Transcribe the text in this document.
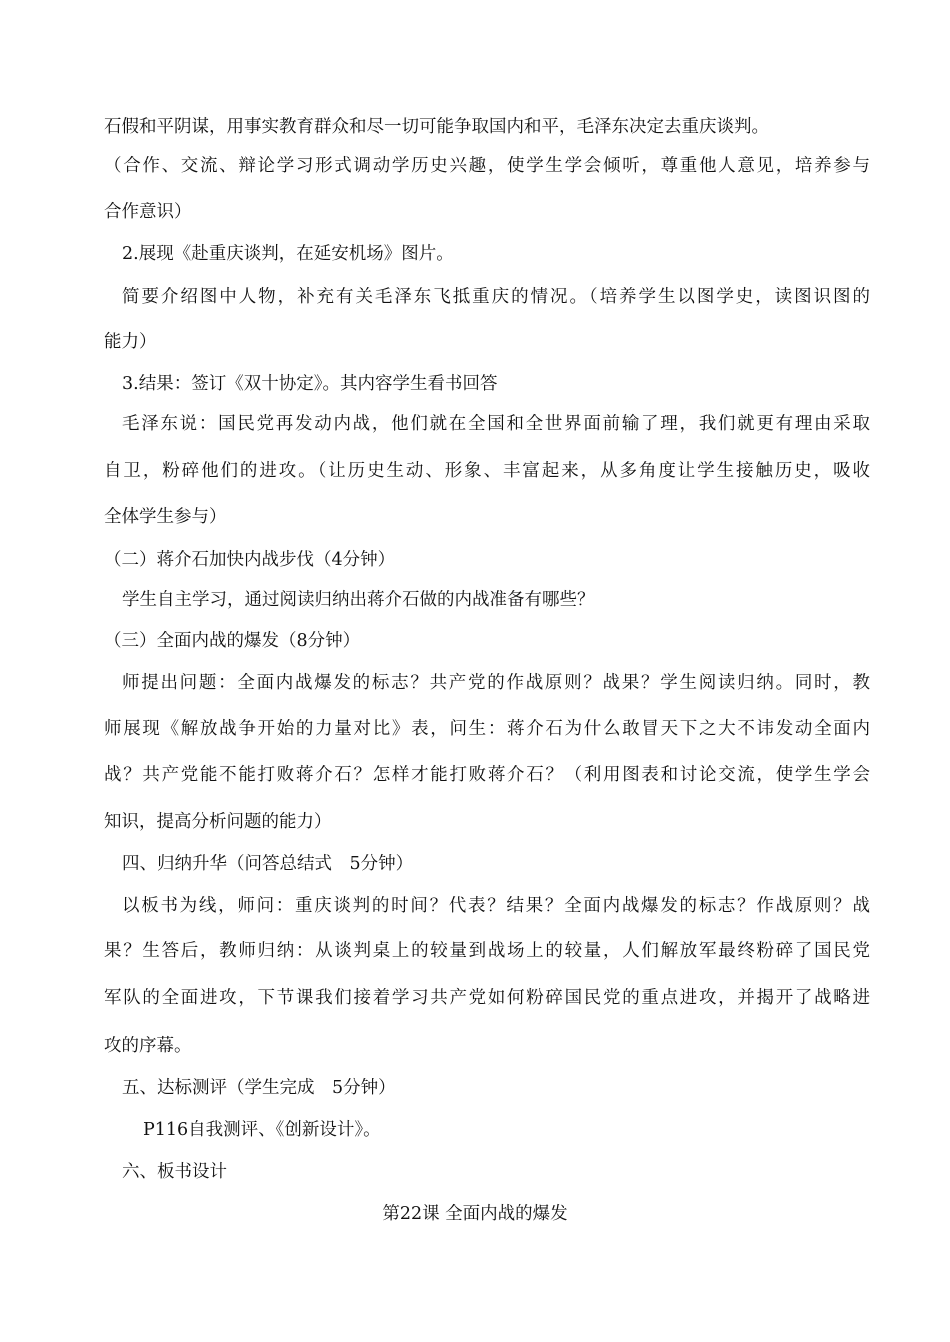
石假和平阴谋，用事实教育群众和尽一切可能争取国内和平，毛泽东决定去重庆谈判。
（合作、交流、辩论学习形式调动学历史兴趣，使学生学会倾听，尊重他人意见，培养参与
合作意识）
2.展现《赴重庆谈判，在延安机场》图片。
简要介绍图中人物，补充有关毛泽东飞抵重庆的情况。（培养学生以图学史，读图识图的
能力）
3.结果：签订《双十协定》。其内容学生看书回答
毛泽东说：国民党再发动内战，他们就在全国和全世界面前输了理，我们就更有理由采取
自卫，粉碎他们的进攻。（让历史生动、形象、丰富起来，从多角度让学生接触历史，吸收
全体学生参与）
（二）蒋介石加快内战步伐（4分钟）
学生自主学习，通过阅读归纳出蒋介石做的内战准备有哪些？
（三）全面内战的爆发（8分钟）
师提出问题：全面内战爆发的标志？共产党的作战原则？战果？学生阅读归纳。同时，教
师展现《解放战争开始的力量对比》表，问生：蒋介石为什么敢冒天下之大不讳发动全面内
战？共产党能不能打败蒋介石？怎样才能打败蒋介石？（利用图表和讨论交流，使学生学会
知识，提高分析问题的能力）
四、归纳升华（问答总结式　5分钟）
以板书为线，师问：重庆谈判的时间？代表？结果？全面内战爆发的标志？作战原则？战
果？生答后，教师归纳：从谈判桌上的较量到战场上的较量，人们解放军最终粉碎了国民党
军队的全面进攻，下节课我们接着学习共产党如何粉碎国民党的重点进攻，并揭开了战略进
攻的序幕。
五、达标测评（学生完成　5分钟）
P116自我测评、《创新设计》。
六、板书设计
第22课 全面内战的爆发
